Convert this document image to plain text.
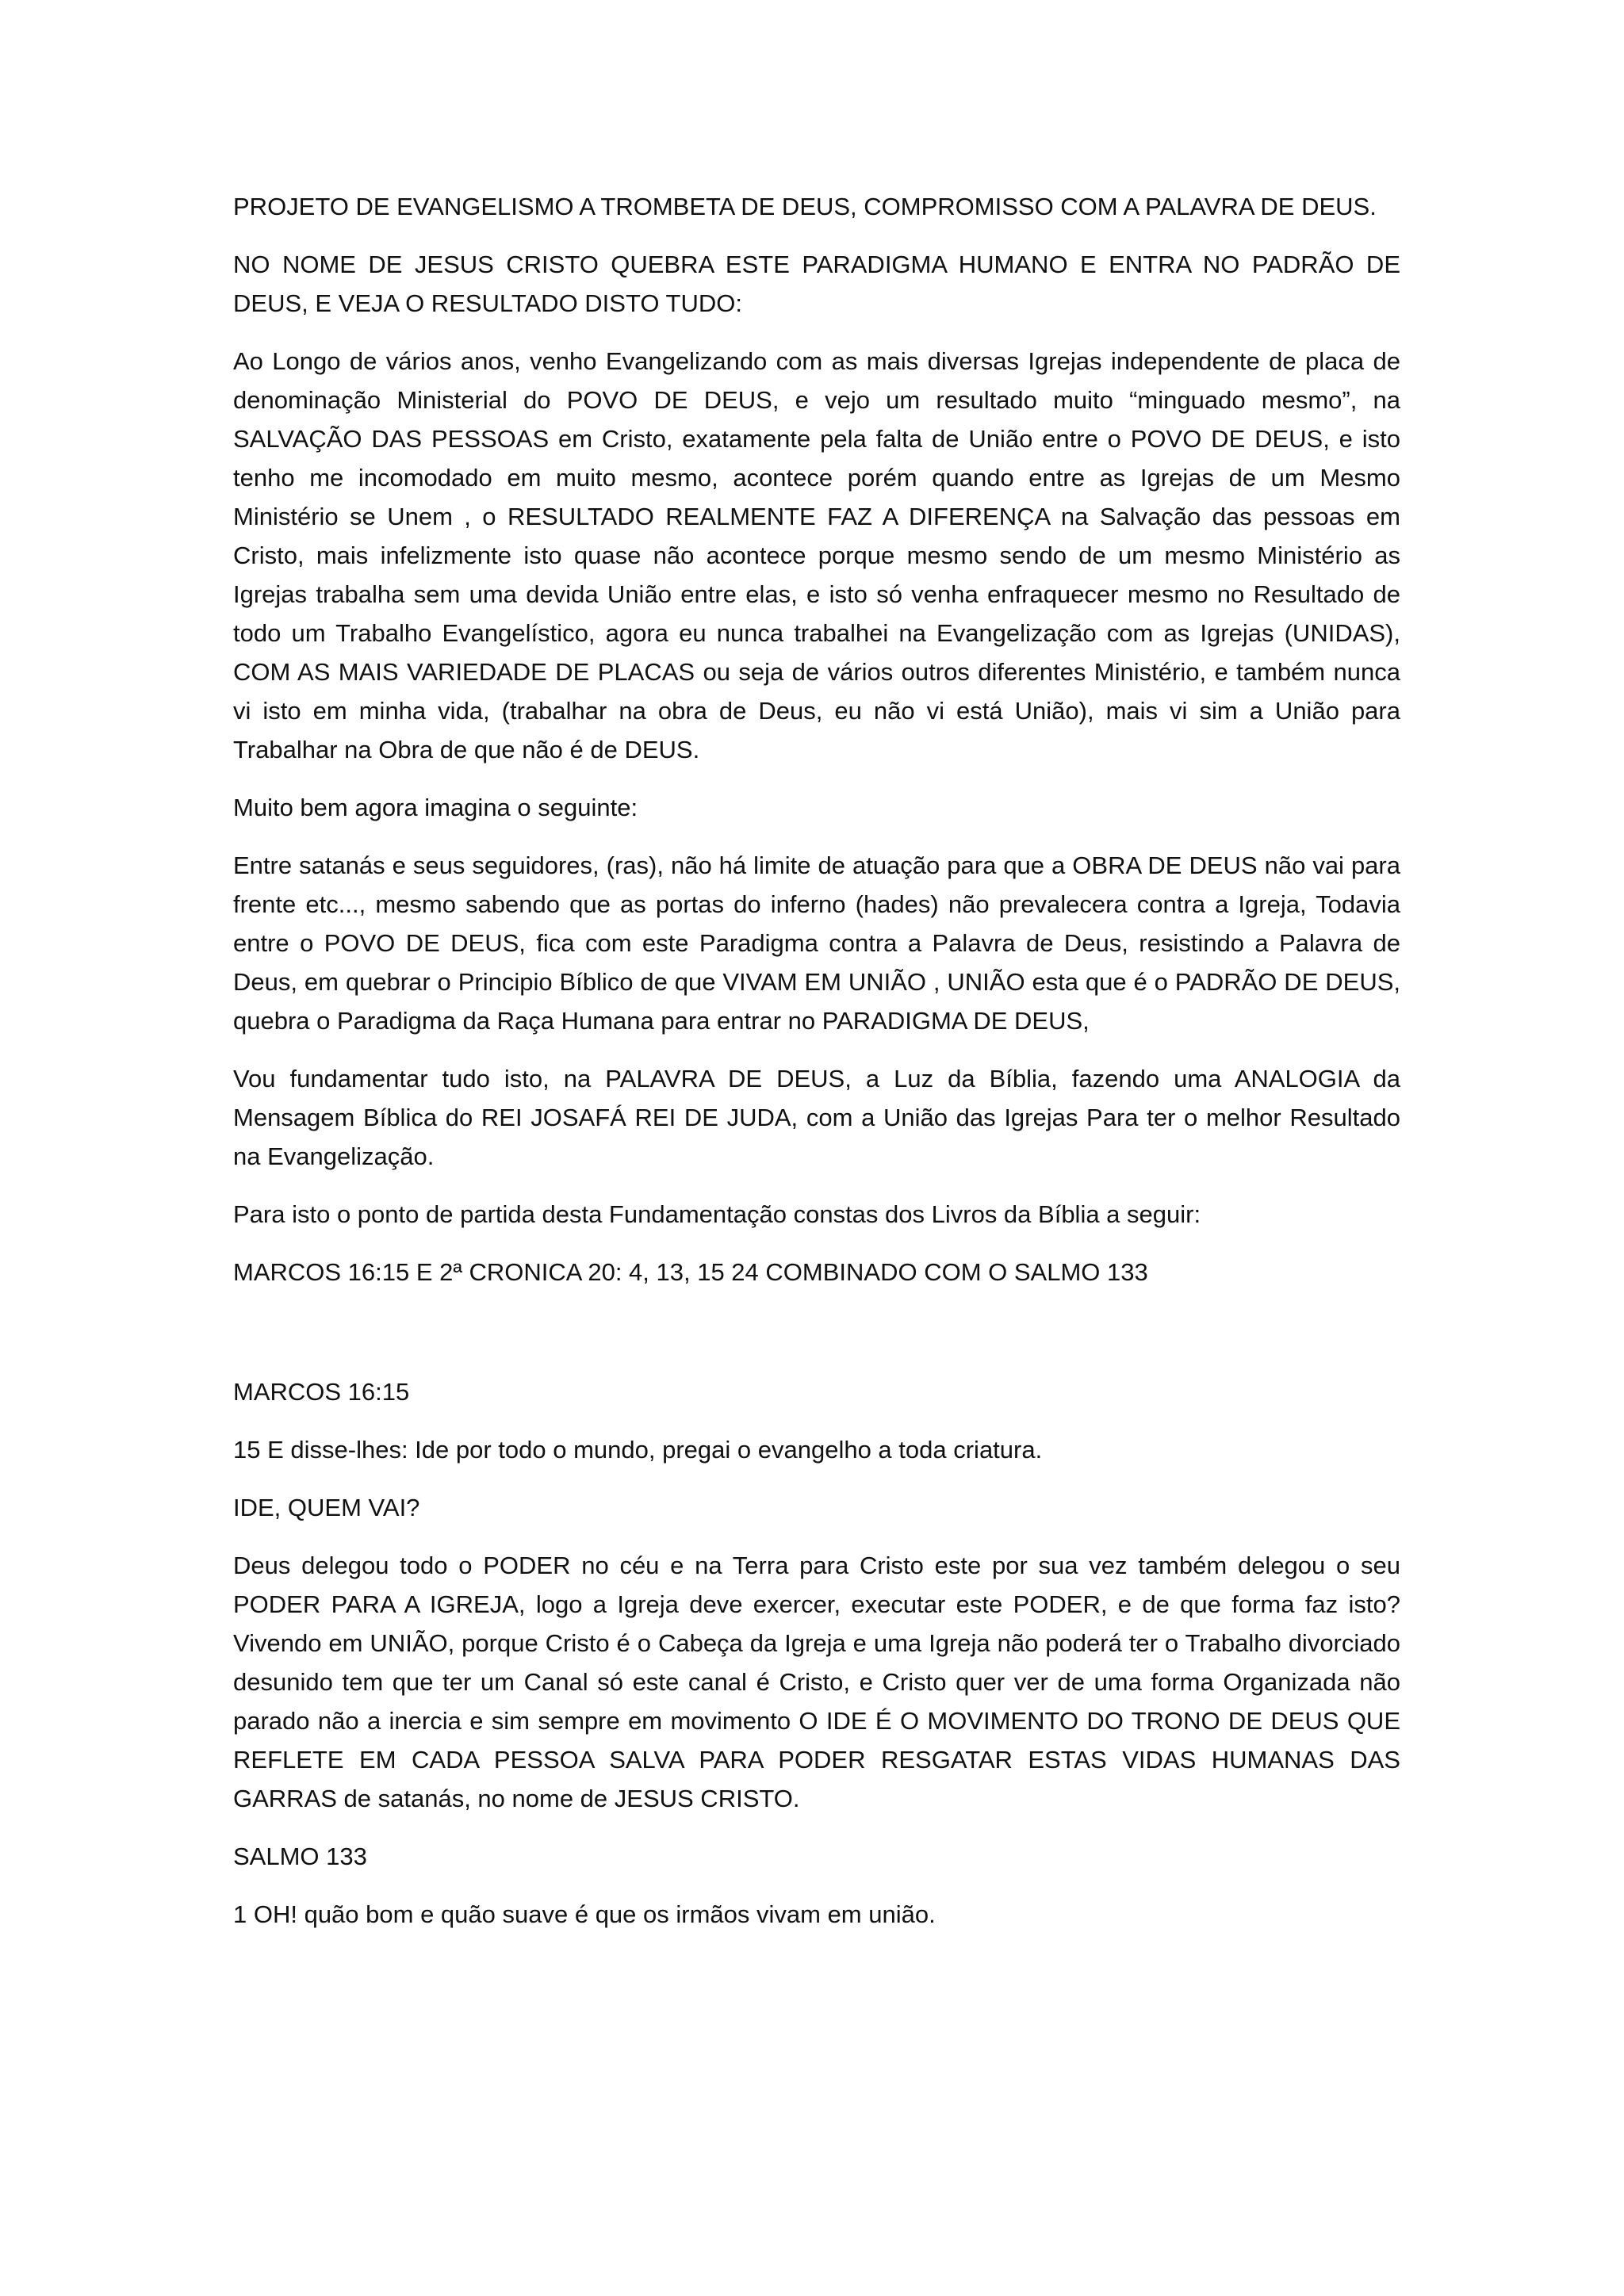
PROJETO DE EVANGELISMO A TROMBETA DE DEUS, COMPROMISSO COM A PALAVRA DE DEUS.

NO NOME DE JESUS CRISTO QUEBRA ESTE PARADIGMA HUMANO E ENTRA NO PADRÃO DE DEUS, E VEJA O RESULTADO DISTO TUDO:

Ao Longo de vários anos, venho Evangelizando com as mais diversas Igrejas independente de placa de denominação Ministerial do POVO DE DEUS, e vejo um resultado muito “minguado mesmo”, na SALVAÇÃO DAS PESSOAS em Cristo, exatamente pela falta de União entre o POVO DE DEUS, e isto tenho me incomodado em muito mesmo, acontece porém quando entre as Igrejas de um Mesmo Ministério se Unem , o RESULTADO REALMENTE FAZ A DIFERENÇA na Salvação das pessoas em Cristo, mais infelizmente isto quase não acontece porque mesmo sendo de um mesmo Ministério as Igrejas trabalha sem uma devida União entre elas, e isto só venha enfraquecer mesmo no Resultado de todo um Trabalho Evangelístico, agora eu nunca trabalhei na Evangelização com as Igrejas (UNIDAS), COM AS MAIS VARIEDADE DE PLACAS ou seja de vários outros diferentes Ministério, e também nunca vi isto em minha vida, (trabalhar na obra de Deus, eu não vi está União), mais vi sim a União para Trabalhar na Obra de que não é de DEUS.

Muito bem agora imagina o seguinte:

Entre satanás e seus seguidores, (ras), não há limite de atuação para que a OBRA DE DEUS não vai para frente etc..., mesmo sabendo que as portas do inferno (hades) não prevalecera contra a Igreja, Todavia entre o POVO DE DEUS, fica com este Paradigma contra a Palavra de Deus, resistindo a Palavra de Deus, em quebrar o Principio Bíblico de que VIVAM EM UNIÃO , UNIÃO esta que é o PADRÃO DE DEUS, quebra o Paradigma da Raça Humana para entrar no PARADIGMA DE DEUS,

Vou fundamentar tudo isto, na PALAVRA DE DEUS, a Luz da Bíblia, fazendo uma ANALOGIA da Mensagem Bíblica do REI JOSAFÁ REI DE JUDA, com a União das Igrejas Para ter o melhor Resultado na Evangelização.

Para isto o ponto de partida desta Fundamentação constas dos Livros da Bíblia a seguir:

MARCOS 16:15 E 2ª CRONICA 20: 4, 13, 15 24 COMBINADO COM O SALMO 133

MARCOS 16:15

15 E disse-lhes: Ide por todo o mundo, pregai o evangelho a toda criatura.

IDE, QUEM VAI?

Deus delegou todo o PODER no céu e na Terra para Cristo este por sua vez também delegou o seu PODER PARA A IGREJA, logo a Igreja deve exercer, executar este PODER, e de que forma faz isto? Vivendo em UNIÃO, porque Cristo é o Cabeça da Igreja e uma Igreja não poderá ter o Trabalho divorciado desunido tem que ter um Canal só este canal é Cristo, e Cristo quer ver de uma forma Organizada não parado não a inercia e sim sempre em movimento O IDE É O MOVIMENTO DO TRONO DE DEUS QUE REFLETE EM CADA PESSOA SALVA PARA PODER RESGATAR ESTAS VIDAS HUMANAS DAS GARRAS de satanás, no nome de JESUS CRISTO.

SALMO 133

1 OH! quão bom e quão suave é que os irmãos vivam em união.
